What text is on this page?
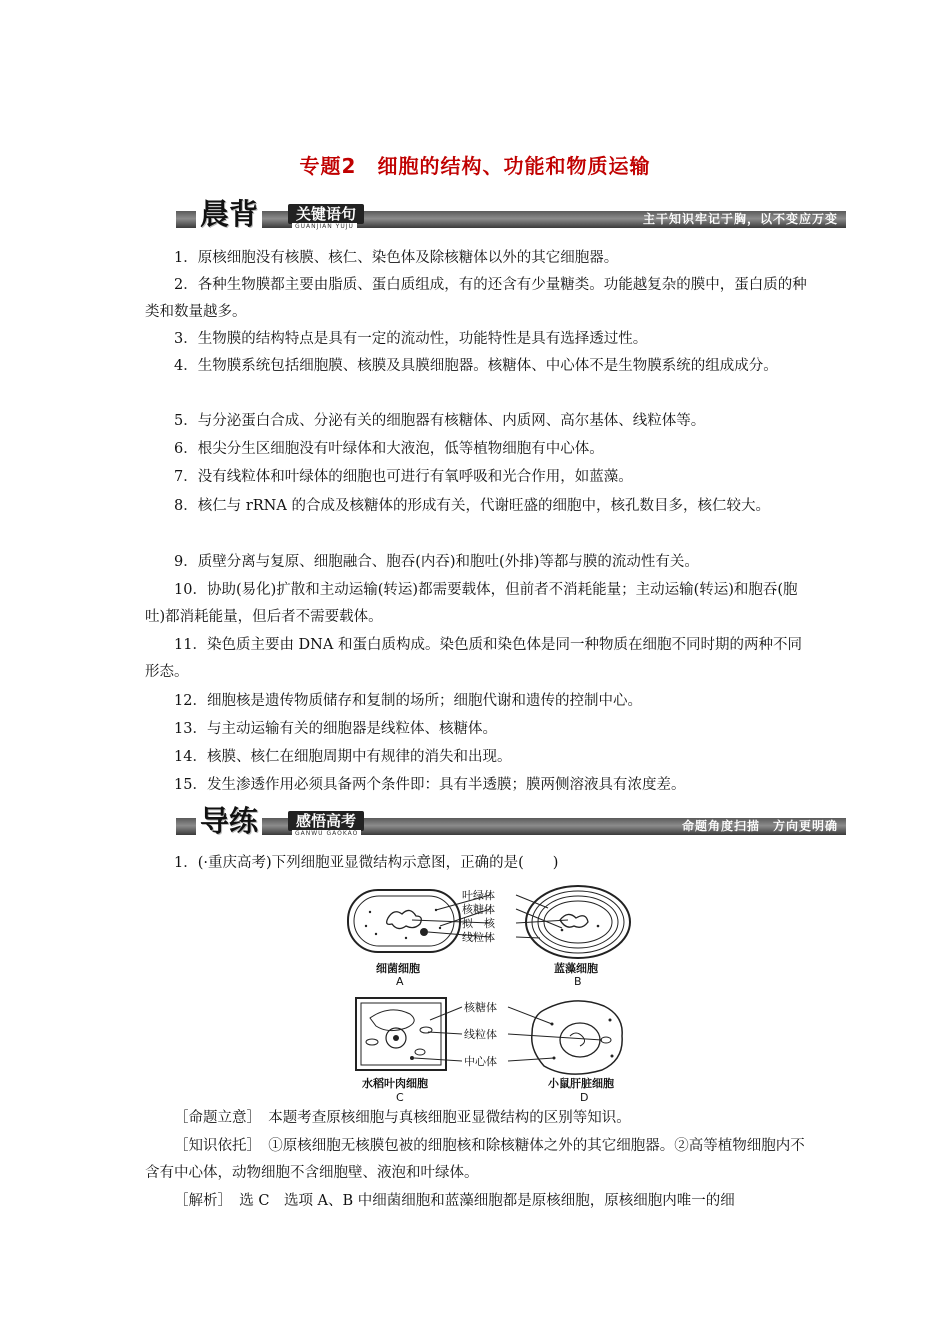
专题2　细胞的结构、功能和物质运输
晨背	关键语句
GUANJIAN YUJU
主干知识牢记于胸，以不变应万变

1．原核细胞没有核膜、核仁、染色体及除核糖体以外的其它细胞器。

2．各种生物膜都主要由脂质、蛋白质组成，有的还含有少量糖类。功能越复杂的膜中，蛋白质的种类和数量越多。

3．生物膜的结构特点是具有一定的流动性，功能特性是具有选择透过性。

4．生物膜系统包括细胞膜、核膜及具膜细胞器。核糖体、中心体不是生物膜系统的组成成分。

5．与分泌蛋白合成、分泌有关的细胞器有核糖体、内质网、高尔基体、线粒体等。

6．根尖分生区细胞没有叶绿体和大液泡，低等植物细胞有中心体。

7．没有线粒体和叶绿体的细胞也可进行有氧呼吸和光合作用，如蓝藻。

8．核仁与 rRNA 的合成及核糖体的形成有关，代谢旺盛的细胞中，核孔数目多，核仁较大。

9．质壁分离与复原、细胞融合、胞吞(内吞)和胞吐(外排)等都与膜的流动性有关。

10．协助(易化)扩散和主动运输(转运)都需要载体，但前者不消耗能量；主动运输(转运)和胞吞(胞吐)都消耗能量，但后者不需要载体。

11．染色质主要由 DNA 和蛋白质构成。染色质和染色体是同一种物质在细胞不同时期的两种不同形态。

12．细胞核是遗传物质储存和复制的场所；细胞代谢和遗传的控制中心。

13．与主动运输有关的细胞器是线粒体、核糖体。

14．核膜、核仁在细胞周期中有规律的消失和出现。

15．发生渗透作用必须具备两个条件即：具有半透膜；膜两侧溶液具有浓度差。

导练	感悟高考
GANWU GAOKAO
命题角度扫描　方向更明确

1．(·重庆高考)下列细胞亚显微结构示意图，正确的是(　　)

叶绿体
核糖体
拟　核
线粒体
细菌细胞
A
蓝藻细胞
B
核糖体
线粒体
中心体
水稻叶肉细胞
C
小鼠肝脏细胞
D

［命题立意］　本题考查原核细胞与真核细胞亚显微结构的区别等知识。

［知识依托］　①原核细胞无核膜包被的细胞核和除核糖体之外的其它细胞器。②高等植物细胞内不含有中心体，动物细胞不含细胞壁、液泡和叶绿体。

［解析］　选 C　选项 A、B 中细菌细胞和蓝藻细胞都是原核细胞，原核细胞内唯一的细
